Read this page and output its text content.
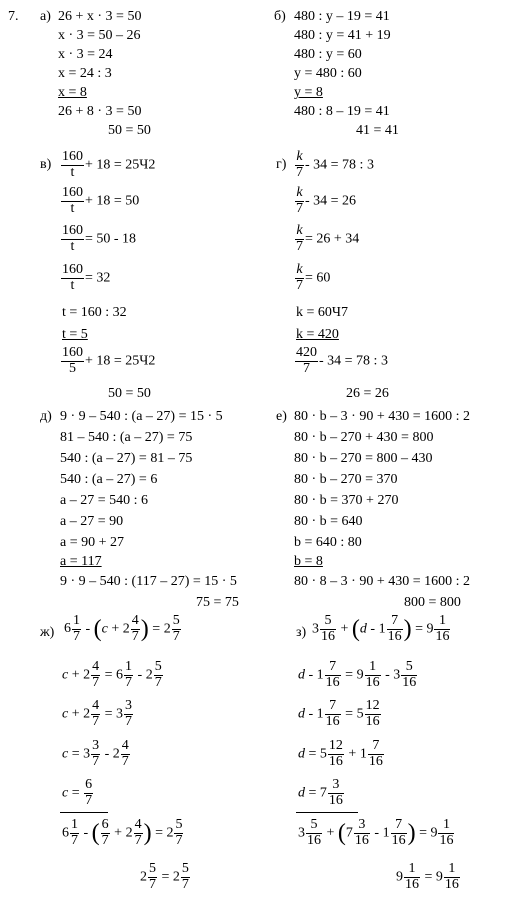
7. а) 26 + x · 3 = 50
x · 3 = 50 – 26
x · 3 = 24
x = 24 : 3
x = 8
26 + 8 · 3 = 50
50 = 50
б) 480 : y – 19 = 41
480 : y = 41 + 19
480 : y = 60
y = 480 : 60
y = 8
480 : 8 – 19 = 41
41 = 41
$в) \frac{160}{t} + 18 = 25Ч2$
$\frac{160}{t} + 18 = 50$
$\frac{160}{t} = 50 - 18$
$\frac{160}{t} = 32$
t = 160 : 32
t = 5
$\frac{160}{5} + 18 = 25Ч2$
50 = 50
$г) \frac{k}{7} - 34 = 78$ : 3
$\frac{k}{7} - 34 = 26$
$\frac{k}{7} = 26 + 34$
$\frac{k}{7} = 60$
k = 60Ч7
k = 420
$\frac{420}{7} - 34 = 78$ : 3
26 = 26
д) 9 · 9 – 540 : (a – 27) = 15 · 5
81 – 540 : (a – 27) = 75
540 : (a – 27) = 81 – 75
540 : (a – 27) = 6
a – 27 = 540 : 6
a – 27 = 90
a = 90 + 27
a = 117
9 · 9 – 540 : (117 – 27) = 15 · 5
75 = 75
е) 80 · b – 3 · 90 + 430 = 1600 : 2
80 · b – 270 + 430 = 800
80 · b – 270 = 800 – 430
80 · b – 270 = 370
80 · b = 370 + 270
80 · b = 640
b = 640 : 80
b = 8
80 · 8 – 3 · 90 + 430 = 1600 : 2
800 = 800
ж) $6 \frac{1}{7} - (c + 2 \frac{4}{7}$ ) = $2 \frac{5}{7}$
$c + 2 \frac{4}{7} = 6 \frac{1}{7} - 2 \frac{5}{7}$
$c + 2 \frac{4}{7} = 3 \frac{3}{7}$
$c = 3 \frac{3}{7} - 2 \frac{4}{7}$
$c = \frac{6}{7}$
$6 \frac{1}{7}$ - ( $\frac{6}{7} + 2 \frac{4}{7}$ ) = $2 \frac{5}{7}$
$2 \frac{5}{7} = 2 \frac{5}{7}$
з) $3 \frac{5}{16} + (d - 1 \frac{7}{16}$ ) = $9 \frac{1}{16}$
$d - 1 \frac{7}{16} = 9 \frac{1}{16} - 3 \frac{5}{16}$
$d - 1 \frac{7}{16} = 5 \frac{12}{16}$
$d = 5 \frac{12}{16} + 1 \frac{7}{16}$
$d = 7 \frac{3}{16}$
$3 \frac{5}{16} + (7 \frac{3}{16} - 1 \frac{7}{16}$ ) = $9 \frac{1}{16}$
$9 \frac{1}{16} = 9 \frac{1}{16}$
